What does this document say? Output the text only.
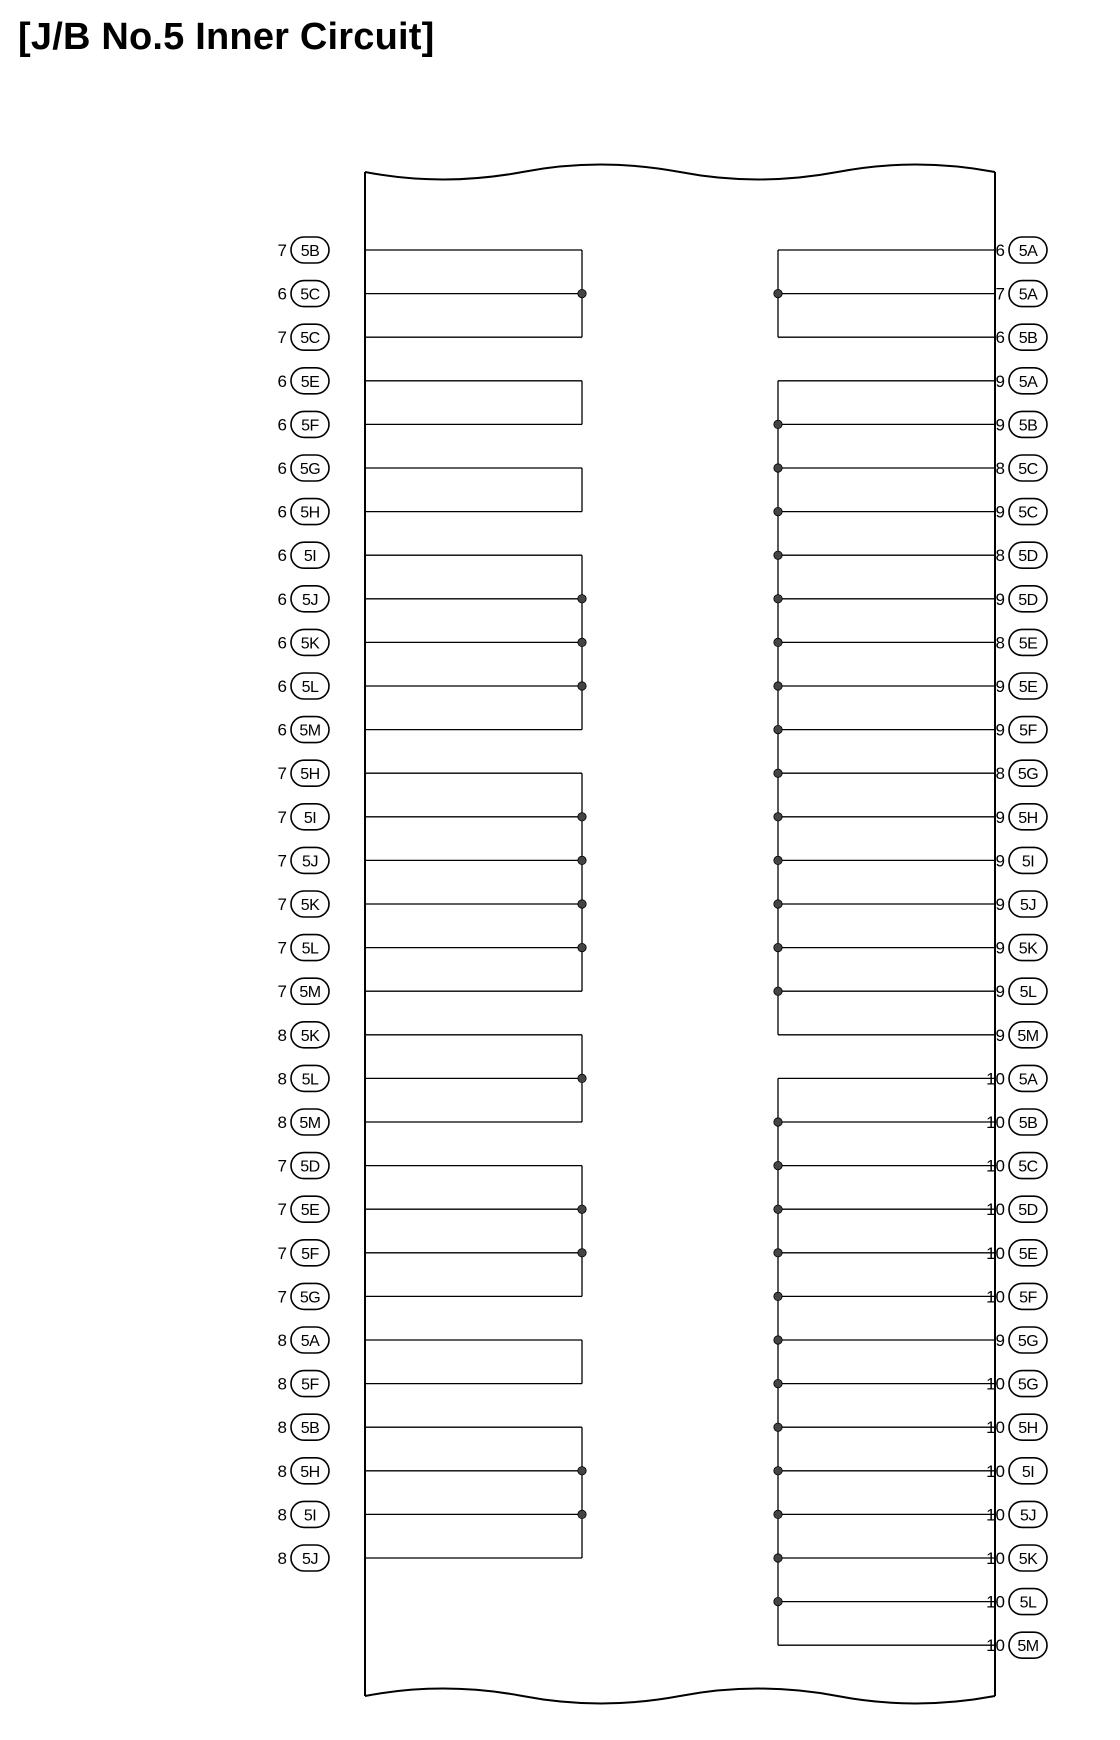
[J/B No.5 Inner Circuit]
7 5B
6 5C
7 5C
6 5E
6 5F
6 5G
6 5H
6 5I
6 5J
6 5K
6 5L
6 5M
7 5H
7 5I
7 5J
7 5K
7 5L
7 5M
8 5K
8 5L
8 5M
7 5D
7 5E
7 5F
7 5G
8 5A
8 5F
8 5B
8 5H
8 5I
8 5J
6 5A
7 5A
6 5B
9 5A
9 5B
8 5C
9 5C
8 5D
9 5D
8 5E
9 5E
9 5F
8 5G
9 5H
9 5I
9 5J
9 5K
9 5L
9 5M
10 5A
10 5B
10 5C
10 5D
10 5E
10 5F
9 5G
10 5G
10 5H
10 5I
10 5J
10 5K
10 5L
10 5M
